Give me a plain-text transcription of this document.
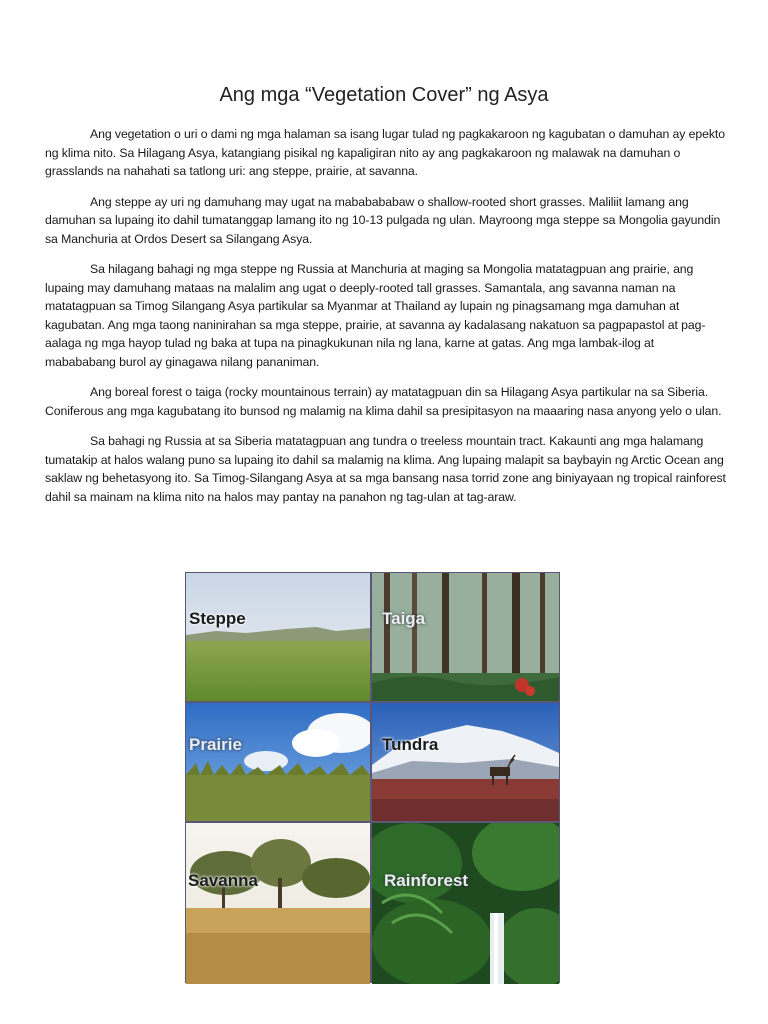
Ang mga “Vegetation Cover” ng Asya

Ang vegetation o uri o dami ng mga halaman sa isang lugar tulad ng pagkakaroon ng kagubatan o damuhan ay epekto ng klima nito. Sa Hilagang Asya, katangiang pisikal ng kapaligiran nito ay ang pagkakaroon ng malawak na damuhan o grasslands na nahahati sa tatlong uri: ang steppe, prairie, at savanna.

Ang steppe ay uri ng damuhang may ugat na mababababaw o shallow-rooted short grasses. Maliliit lamang ang damuhan sa lupaing ito dahil tumatanggap lamang ito ng 10-13 pulgada ng ulan. Mayroong mga steppe sa Mongolia gayundin sa Manchuria at Ordos Desert sa Silangang Asya.

Sa hilagang bahagi ng mga steppe ng Russia at Manchuria at maging sa Mongolia matatagpuan ang prairie, ang lupaing may damuhang mataas na malalim ang ugat o deeply-rooted tall grasses. Samantala, ang savanna naman na matatagpuan sa Timog Silangang Asya partikular sa Myanmar at Thailand ay lupain ng pinagsamang mga damuhan at kagubatan. Ang mga taong naninirahan sa mga steppe, prairie, at savanna ay kadalasang nakatuon sa pagpapastol at pag-aalaga ng mga hayop tulad ng baka at tupa na pinagkukunan nila ng lana, karne at gatas. Ang mga lambak-ilog at mabababang burol ay ginagawa nilang pananiman.

Ang boreal forest o taiga (rocky mountainous terrain) ay matatagpuan din sa Hilagang Asya partikular na sa Siberia. Coniferous ang mga kagubatang ito bunsod ng malamig na klima dahil sa presipitasyon na maaaring nasa anyong yelo o ulan.

Sa bahagi ng Russia at sa Siberia matatagpuan ang tundra o treeless mountain tract. Kakaunti ang mga halamang tumatakip at halos walang puno sa lupaing ito dahil sa malamig na klima. Ang lupaing malapit sa baybayin ng Arctic Ocean ang saklaw ng behetasyong ito. Sa Timog-Silangang Asya at sa mga bansang nasa torrid zone ang biniyayaan ng tropical rainforest dahil sa mainam na klima nito na halos may pantay na panahon ng tag-ulan at tag-araw.

Steppe	Taiga
Prairie	Tundra
Savanna	Rainforest
